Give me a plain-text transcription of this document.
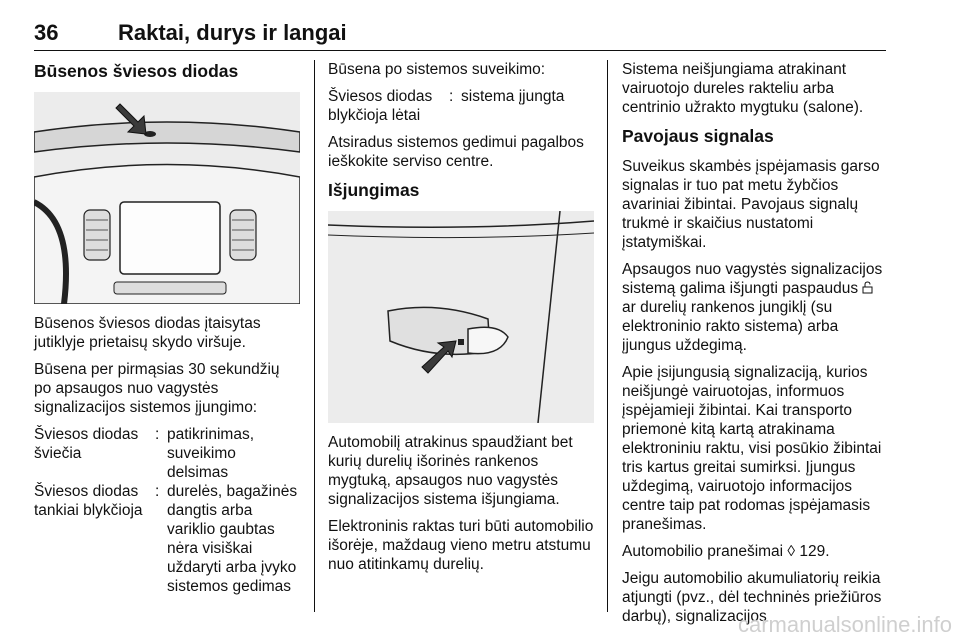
36	Raktai, durys ir langai
Būsenos šviesos diodas

Būsenos šviesos diodas įtaisytas jutiklyje prietaisų skydo viršuje.

Būsena per pirmąsias 30 sekundžių po apsaugos nuo vagystės signalizacijos sistemos įjungimo:

Šviesos diodas šviečia
: patikrinimas, suveikimo delsimas
Šviesos diodas tankiai blykčioja
: durelės, bagažinės dangtis arba variklio gaubtas nėra visiškai uždaryti arba įvyko sistemos gedimas

Būsena po sistemos suveikimo:

Šviesos diodas blykčioja lėtai
: sistema įjungta

Atsiradus sistemos gedimui pagalbos ieškokite serviso centre.

Išjungimas

Automobilį atrakinus spaudžiant bet kurių durelių išorinės rankenos mygtuką, apsaugos nuo vagystės signalizacijos sistema išjungiama.

Elektroninis raktas turi būti automobilio išorėje, maždaug vieno metru atstumu nuo atitinkamų durelių.

Sistema neišjungiama atrakinant vairuotojo dureles rakteliu arba centrinio užrakto mygtuku (salone).

Pavojaus signalas

Suveikus skambės įspėjamasis garso signalas ir tuo pat metu žybčios avariniai žibintai. Pavojaus signalų trukmė ir skaičius nustatomi įstatymiškai.

Apsaugos nuo vagystės signalizacijos sistemą galima išjungti paspaudus  ar durelių rankenos jungiklį (su elektroninio rakto sistema) arba įjungus uždegimą.

Apie įsijungusią signalizaciją, kurios neišjungė vairuotojas, informuos įspėjamieji žibintai. Kai transporto priemonė kitą kartą atrakinama elektroniniu raktu, visi posūkio žibintai tris kartus greitai sumirksi. Įjungus uždegimą, vairuotojo informacijos centre taip pat rodomas įspėjamasis pranešimas.

Automobilio pranešimai ◊ 129.

Jeigu automobilio akumuliatorių reikia atjungti (pvz., dėl techninės priežiūros darbų), signalizacijos

carmanualsonline.info
